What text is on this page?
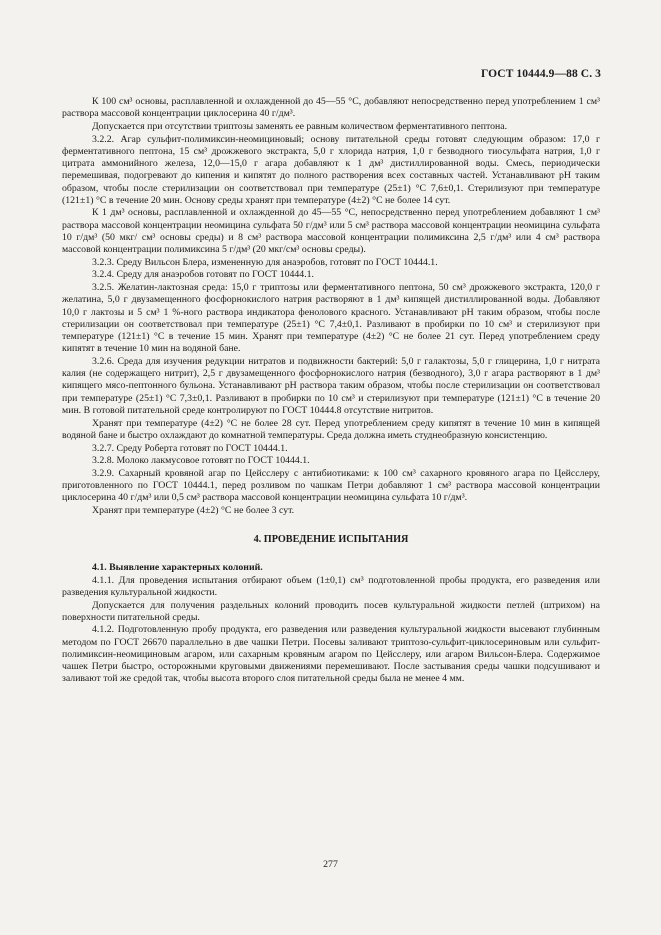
ГОСТ 10444.9—88 С. 3

К 100 см³ основы, расплавленной и охлажденной до 45—55 °С, добавляют непосредственно перед употреблением 1 см³ раствора массовой концентрации циклосерина 40 г/дм³.

Допускается при отсутствии триптозы заменять ее равным количеством ферментативного пептона.

3.2.2. Агар сульфит-полимиксин-неомициновый; основу питательной среды готовят следующим образом: 17,0 г ферментативного пептона, 15 см³ дрожжевого экстракта, 5,0 г хлорида натрия, 1,0 г безводного тиосульфата натрия, 1,0 г цитрата аммонийного железа, 12,0—15,0 г агара добавляют к 1 дм³ дистиллированной воды. Смесь, периодически перемешивая, подогревают до кипения и кипятят до полного растворения всех составных частей. Устанавливают рН таким образом, чтобы после стерилизации он соответствовал при температуре (25±1) °С 7,6±0,1. Стерилизуют при температуре (121±1) °С в течение 20 мин. Основу среды хранят при температуре (4±2) °С не более 14 сут.

К 1 дм³ основы, расплавленной и охлажденной до 45—55 °С, непосредственно перед употреблением добавляют 1 см³ раствора массовой концентрации неомицина сульфата 50 г/дм³ или 5 см³ раствора массовой концентрации неомицина сульфата 10 г/дм³ (50 мкг/ см³ основы среды) и 8 см³ раствора массовой концентрации полимиксина 2,5 г/дм³ или 4 см³ раствора массовой концентрации полимиксина 5 г/дм³ (20 мкг/см³ основы среды).

3.2.3. Среду Вильсон Блера, измененную для анаэробов, готовят по ГОСТ 10444.1.

3.2.4. Среду для анаэробов готовят по ГОСТ 10444.1.

3.2.5. Желатин-лактозная среда: 15,0 г триптозы или ферментативного пептона, 50 см³ дрожжевого экстракта, 120,0 г желатина, 5,0 г двузамещенного фосфорнокислого натрия растворяют в 1 дм³ кипящей дистиллированной воды. Добавляют 10,0 г лактозы и 5 см³ 1 %-ного раствора индикатора фенолового красного. Устанавливают рН таким образом, чтобы после стерилизации он соответствовал при температуре (25±1) °С 7,4±0,1. Разливают в пробирки по 10 см³ и стерилизуют при температуре (121±1) °С в течение 15 мин. Хранят при температуре (4±2) °С не более 21 сут. Перед употреблением среду кипятят в течение 10 мин на водяной бане.

3.2.6. Среда для изучения редукции нитратов и подвижности бактерий: 5,0 г галактозы, 5,0 г глицерина, 1,0 г нитрата калия (не содержащего нитрит), 2,5 г двузамещенного фосфорнокислого натрия (безводного), 3,0 г агара растворяют в 1 дм³ кипящего мясо-пептонного бульона. Устанавливают рН раствора таким образом, чтобы после стерилизации он соответствовал при температуре (25±1) °С 7,3±0,1. Разливают в пробирки по 10 см³ и стерилизуют при температуре (121±1) °С в течение 20 мин. В готовой питательной среде контролируют по ГОСТ 10444.8 отсутствие нитритов.

Хранят при температуре (4±2) °С не более 28 сут. Перед употреблением среду кипятят в течение 10 мин в кипящей водяной бане и быстро охлаждают до комнатной температуры. Среда должна иметь студнеобразную консистенцию.

3.2.7. Среду Роберта готовят по ГОСТ 10444.1.

3.2.8. Молоко лакмусовое готовят по ГОСТ 10444.1.

3.2.9. Сахарный кровяной агар по Цейсслеру с антибиотиками: к 100 см³ сахарного кровяного агара по Цейсслеру, приготовленного по ГОСТ 10444.1, перед розливом по чашкам Петри добавляют 1 см³ раствора массовой концентрации циклосерина 40 г/дм³ или 0,5 см³ раствора массовой концентрации неомицина сульфата 10 г/дм³.

Хранят при температуре (4±2) °С не более 3 сут.

4. ПРОВЕДЕНИЕ ИСПЫТАНИЯ

4.1. Выявление характерных колоний.

4.1.1. Для проведения испытания отбирают объем (1±0,1) см³ подготовленной пробы продукта, его разведения или разведения культуральной жидкости.

Допускается для получения раздельных колоний проводить посев культуральной жидкости петлей (штрихом) на поверхности питательной среды.

4.1.2. Подготовленную пробу продукта, его разведения или разведения культуральной жидкости высевают глубинным методом по ГОСТ 26670 параллельно в две чашки Петри. Посевы заливают триптозо-сульфит-циклосериновым или сульфит-полимиксин-неомициновым агаром, или сахарным кровяным агаром по Цейсслеру, или агаром Вильсон-Блера. Содержимое чашек Петри быстро, осторожными круговыми движениями перемешивают. После застывания среды чашки подсушивают и заливают той же средой так, чтобы высота второго слоя питательной среды была не менее 4 мм.

277
